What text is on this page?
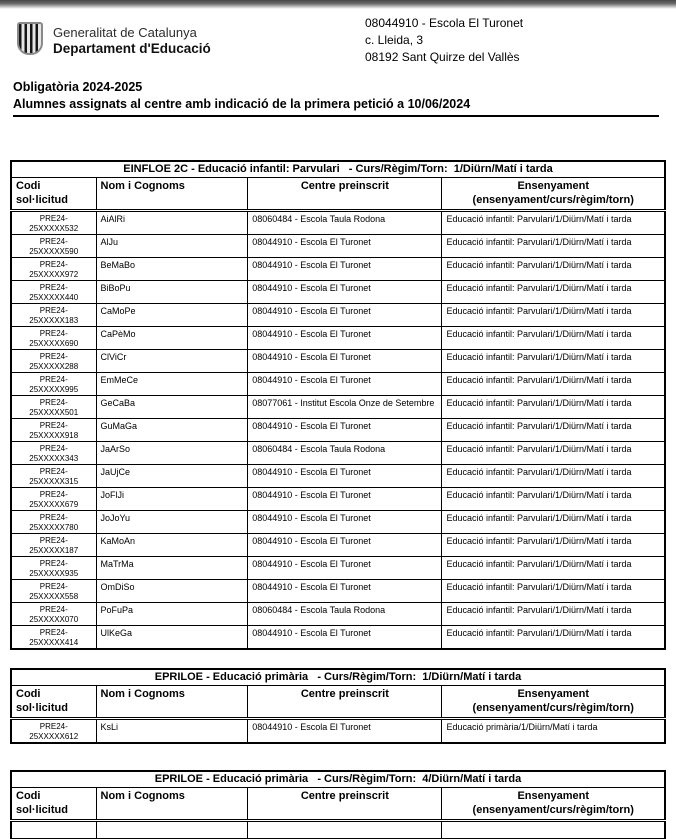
Generalitat de Catalunya
Departament d'Educació
08044910 - Escola El Turonet
c. Lleida, 3
08192 Sant Quirze del Vallès
Obligatòria 2024-2025
Alumnes assignats al centre amb indicació de la primera petició a 10/06/2024
EINFLOE 2C - Educació infantil: Parvulari   - Curs/Règim/Torn:  1/Diürn/Matí i tarda			

Codi
sol·licitud
	Nom i Cognoms	Centre preinscrit	Ensenyament
(ensenyament/curs/règim/torn)

PRE24-
25XXXXX532	AiAlRi	08060484 - Escola Taula Rodona	Educació infantil: Parvulari/1/Diürn/Matí i tarda

PRE24-
25XXXXX590	AlJu	08044910 - Escola El Turonet	Educació infantil: Parvulari/1/Diürn/Matí i tarda

PRE24-
25XXXXX972	BeMaBo	08044910 - Escola El Turonet	Educació infantil: Parvulari/1/Diürn/Matí i tarda

PRE24-
25XXXXX440	BiBoPu	08044910 - Escola El Turonet	Educació infantil: Parvulari/1/Diürn/Matí i tarda

PRE24-
25XXXXX183	CaMoPe	08044910 - Escola El Turonet	Educació infantil: Parvulari/1/Diürn/Matí i tarda

PRE24-
25XXXXX690	CaPèMo	08044910 - Escola El Turonet	Educació infantil: Parvulari/1/Diürn/Matí i tarda

PRE24-
25XXXXX288	ClViCr	08044910 - Escola El Turonet	Educació infantil: Parvulari/1/Diürn/Matí i tarda

PRE24-
25XXXXX995	EmMeCe	08044910 - Escola El Turonet	Educació infantil: Parvulari/1/Diürn/Matí i tarda

PRE24-
25XXXXX501	GeCaBa	08077061 - Institut Escola Onze de Setembre	Educació infantil: Parvulari/1/Diürn/Matí i tarda

PRE24-
25XXXXX918	GuMaGa	08044910 - Escola El Turonet	Educació infantil: Parvulari/1/Diürn/Matí i tarda

PRE24-
25XXXXX343	JaArSo	08060484 - Escola Taula Rodona	Educació infantil: Parvulari/1/Diürn/Matí i tarda

PRE24-
25XXXXX315	JaUjCe	08044910 - Escola El Turonet	Educació infantil: Parvulari/1/Diürn/Matí i tarda

PRE24-
25XXXXX679	JoFlJi	08044910 - Escola El Turonet	Educació infantil: Parvulari/1/Diürn/Matí i tarda

PRE24-
25XXXXX780	JoJoYu	08044910 - Escola El Turonet	Educació infantil: Parvulari/1/Diürn/Matí i tarda

PRE24-
25XXXXX187	KaMoAn	08044910 - Escola El Turonet	Educació infantil: Parvulari/1/Diürn/Matí i tarda

PRE24-
25XXXXX935	MaTrMa	08044910 - Escola El Turonet	Educació infantil: Parvulari/1/Diürn/Matí i tarda

PRE24-
25XXXXX558	OmDiSo	08044910 - Escola El Turonet	Educació infantil: Parvulari/1/Diürn/Matí i tarda

PRE24-
25XXXXX070	PoFuPa	08060484 - Escola Taula Rodona	Educació infantil: Parvulari/1/Diürn/Matí i tarda

PRE24-
25XXXXX414	UlKeGa	08044910 - Escola El Turonet	Educació infantil: Parvulari/1/Diürn/Matí i tarda
EPRILOE - Educació primària   - Curs/Règim/Torn:  1/Diürn/Matí i tarda			

Codi
sol·licitud
	Nom i Cognoms	Centre preinscrit	Ensenyament
(ensenyament/curs/règim/torn)

PRE24-
25XXXXX612	KsLi	08044910 - Escola El Turonet	Educació primària/1/Diürn/Matí i tarda
EPRILOE - Educació primària   - Curs/Règim/Torn:  4/Diürn/Matí i tarda			

Codi
sol·licitud
	Nom i Cognoms	Centre preinscrit	Ensenyament
(ensenyament/curs/règim/torn)
